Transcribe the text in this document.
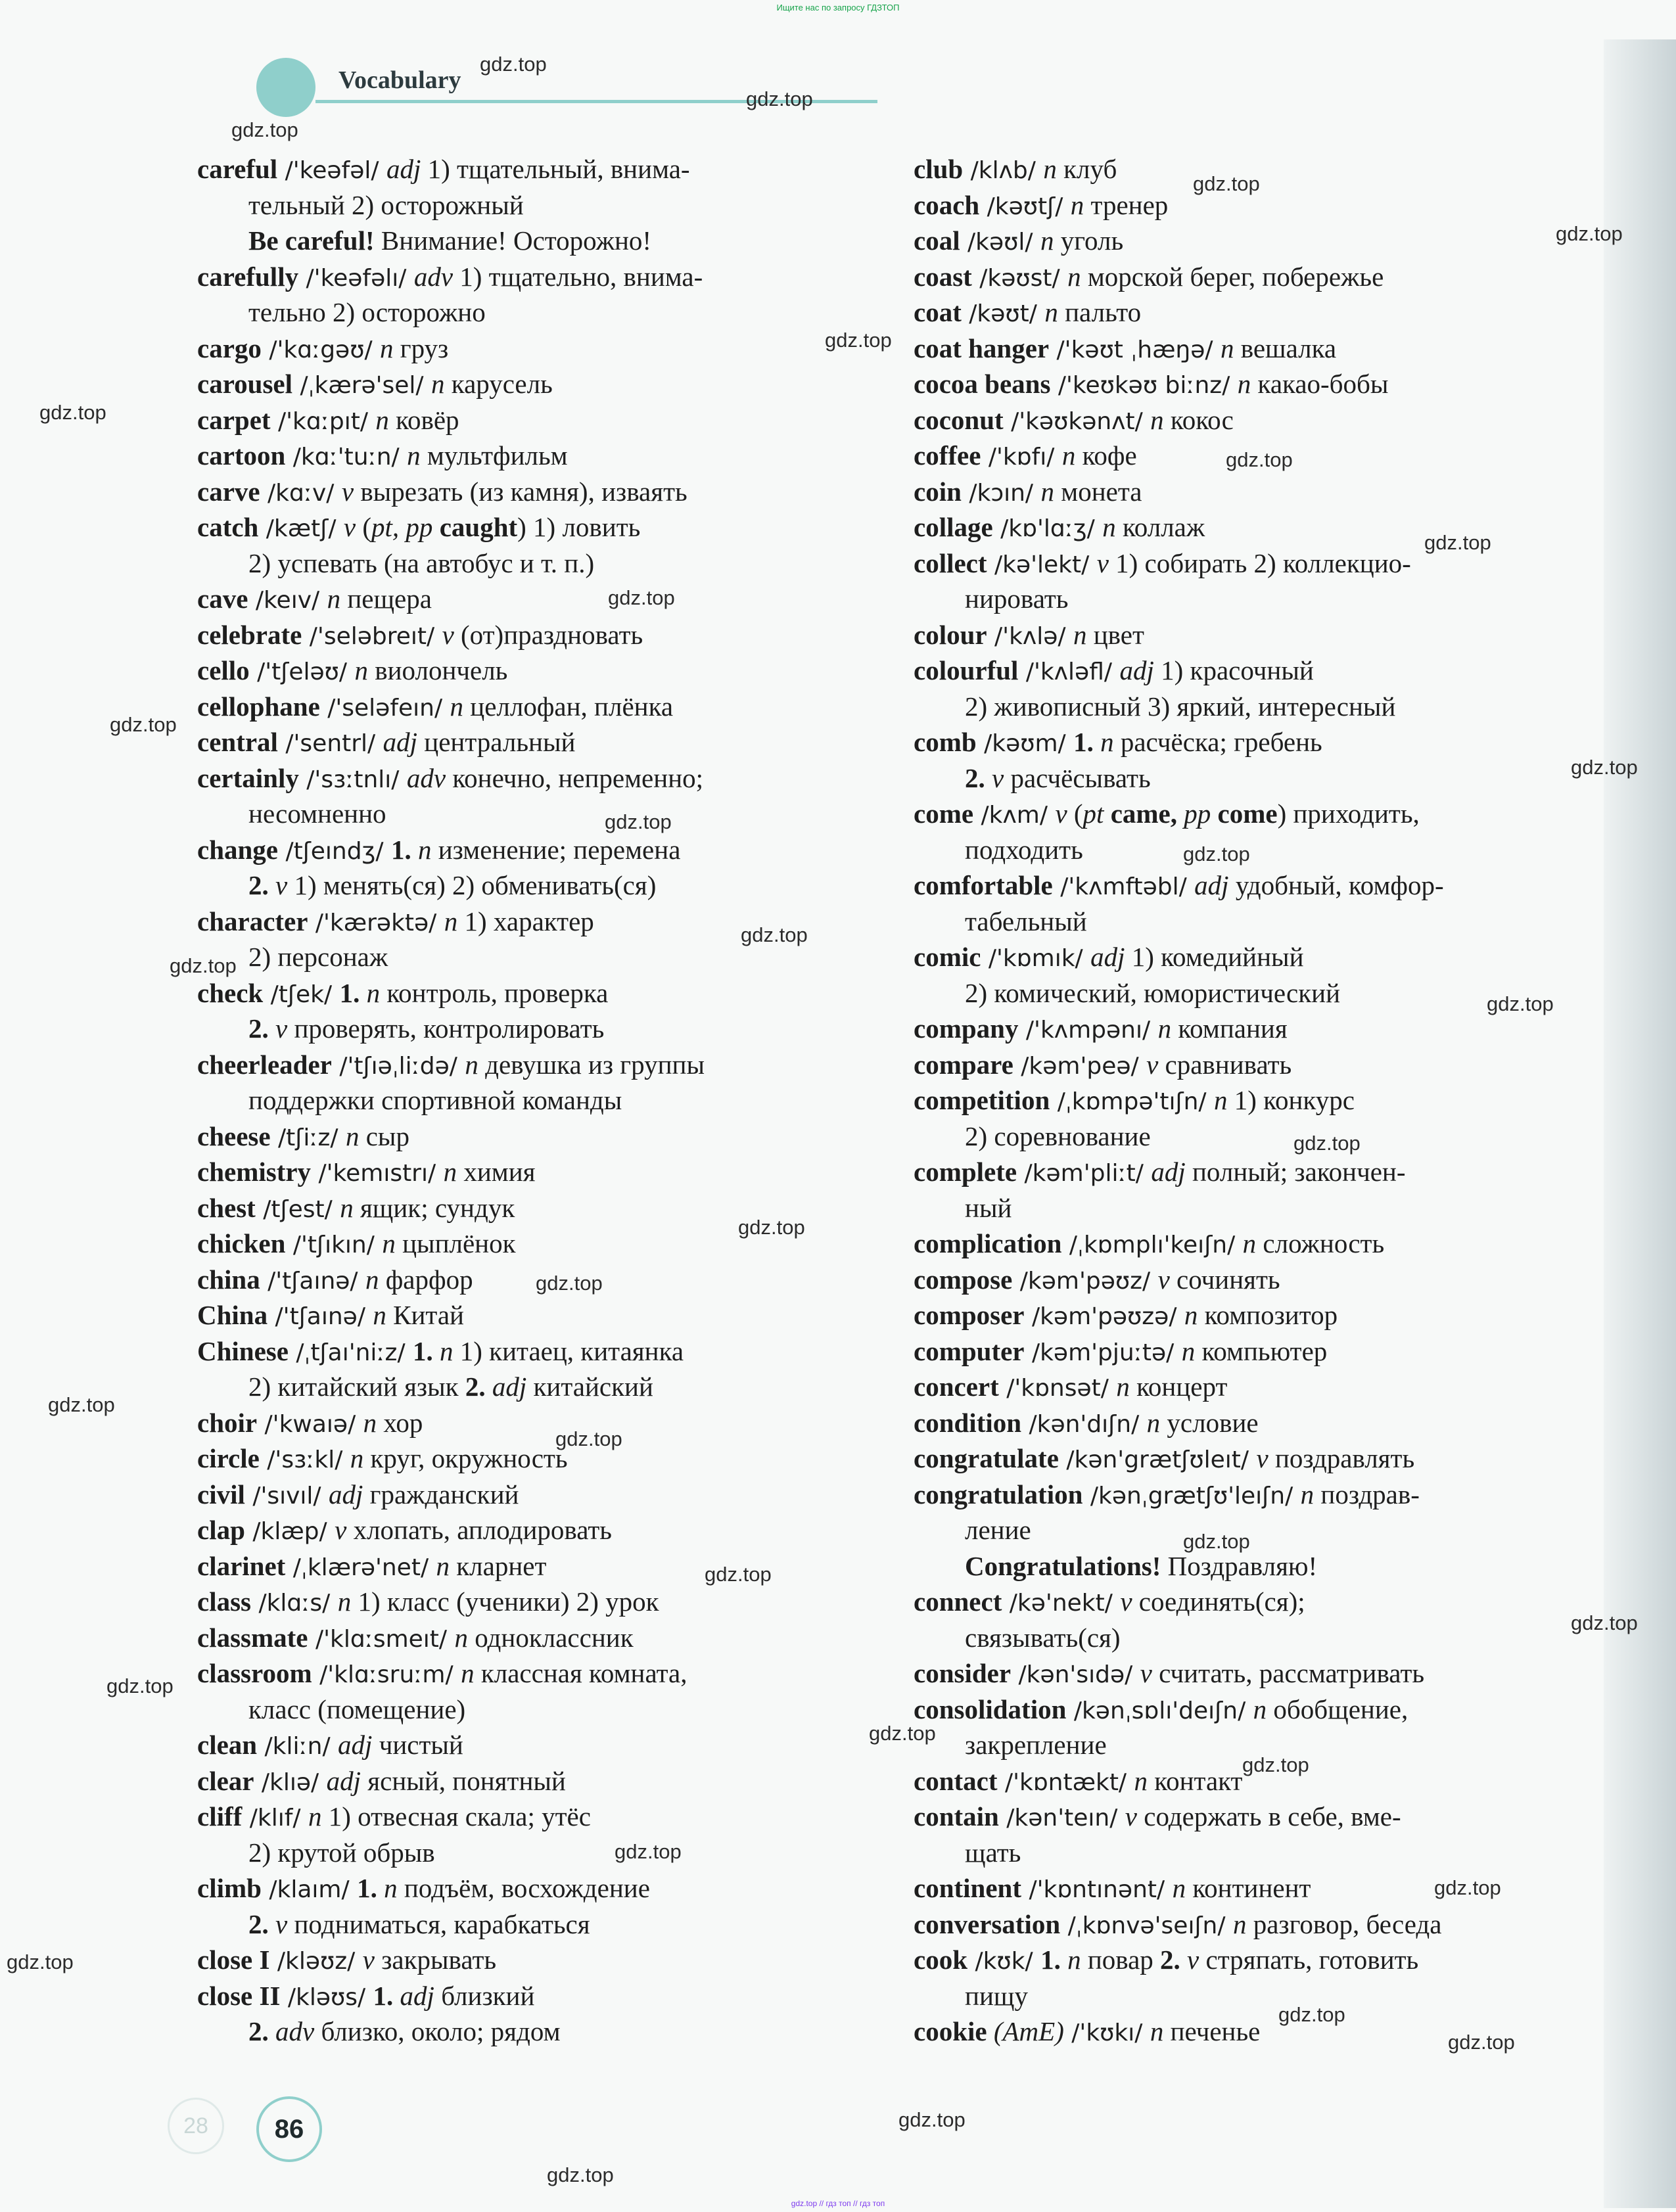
Ищите нас по запросу ГДЗТОП
Vocabulary
careful /'keəfəl/ adj 1) тщательный, внима-
тельный 2) осторожный
Be careful! Внимание! Осторожно!
carefully /'keəfəlı/ adv 1) тщательно, внима-
тельно 2) осторожно
cargo /'kɑːgəʊ/ n груз
carousel /ˌkærə'sel/ n карусель
carpet /'kɑːpıt/ n ковёр
cartoon /kɑː'tuːn/ n мультфильм
carve /kɑːv/ v вырезать (из камня), изваять
catch /kætʃ/ v (pt, pp caught) 1) ловить
2) успевать (на автобус и т. п.)
cave /keıv/ n пещера
celebrate /'seləbreıt/ v (от)праздновать
cello /'tʃeləʊ/ n виолончель
cellophane /'seləfeın/ n целлофан, плёнка
central /'sentrl/ adj центральный
certainly /'sɜːtnlı/ adv конечно, непременно;
несомненно
change /tʃeındʒ/ 1. n изменение; перемена
2. v 1) менять(ся) 2) обменивать(ся)
character /'kærəktə/ n 1) характер
2) персонаж
check /tʃek/ 1. n контроль, проверка
2. v проверять, контролировать
cheerleader /'tʃıəˌliːdə/ n девушка из группы
поддержки спортивной команды
cheese /tʃiːz/ n сыр
chemistry /'kemıstrı/ n химия
chest /tʃest/ n ящик; сундук
chicken /'tʃıkın/ n цыплёнок
china /'tʃaınə/ n фарфор
China /'tʃaınə/ n Китай
Chinese /ˌtʃaı'niːz/ 1. n 1) китаец, китаянка
2) китайский язык 2. adj китайский
choir /'kwaıə/ n хор
circle /'sɜːkl/ n круг, окружность
civil /'sıvıl/ adj гражданский
clap /klæp/ v хлопать, аплодировать
clarinet /ˌklærə'net/ n кларнет
class /klɑːs/ n 1) класс (ученики) 2) урок
classmate /'klɑːsmeıt/ n одноклассник
classroom /'klɑːsruːm/ n классная комната,
класс (помещение)
clean /kliːn/ adj чистый
clear /klıə/ adj ясный, понятный
cliff /klıf/ n 1) отвесная скала; утёс
2) крутой обрыв
climb /klaım/ 1. n подъём, восхождение
2. v подниматься, карабкаться
close I /kləʊz/ v закрывать
close II /kləʊs/ 1. adj близкий
2. adv близко, около; рядом
club /klʌb/ n клуб
coach /kəʊtʃ/ n тренер
coal /kəʊl/ n уголь
coast /kəʊst/ n морской берег, побережье
coat /kəʊt/ n пальто
coat hanger /'kəʊt ˌhæŋə/ n вешалка
cocoa beans /'keʊkəʊ biːnz/ n какао-бобы
coconut /'kəʊkənʌt/ n кокос
coffee /'kɒfı/ n кофе
coin /kɔın/ n монета
collage /kɒ'lɑːʒ/ n коллаж
collect /kə'lekt/ v 1) собирать 2) коллекцио-
нировать
colour /'kʌlə/ n цвет
colourful /'kʌləfl/ adj 1) красочный
2) живописный 3) яркий, интересный
comb /kəʊm/ 1. n расчёска; гребень
2. v расчёсывать
come /kʌm/ v (pt came, pp come) приходить,
подходить
comfortable /'kʌmftəbl/ adj удобный, комфор-
табельный
comic /'kɒmık/ adj 1) комедийный
2) комический, юмористический
company /'kʌmpənı/ n компания
compare /kəm'peə/ v сравнивать
competition /ˌkɒmpə'tıʃn/ n 1) конкурс
2) соревнование
complete /kəm'pliːt/ adj полный; закончен-
ный
complication /ˌkɒmplı'keıʃn/ n сложность
compose /kəm'pəʊz/ v сочинять
composer /kəm'pəʊzə/ n композитор
computer /kəm'pjuːtə/ n компьютер
concert /'kɒnsət/ n концерт
condition /kən'dıʃn/ n условие
congratulate /kən'grætʃʊleıt/ v поздравлять
congratulation /kənˌgrætʃʊ'leıʃn/ n поздрав-
ление
Congratulations! Поздравляю!
connect /kə'nekt/ v соединять(ся);
связывать(ся)
consider /kən'sıdə/ v считать, рассматривать
consolidation /kənˌsɒlı'deıʃn/ n обобщение,
закрепление
contact /'kɒntækt/ n контакт
contain /kən'teın/ v содержать в себе, вме-
щать
continent /'kɒntınənt/ n континент
conversation /ˌkɒnvə'seıʃn/ n разговор, беседа
cook /kʊk/ 1. n повар 2. v стряпать, готовить
пищу
cookie (AmE) /'kʊkı/ n печенье
28	86
gdz.top
gdz.top
gdz.top
gdz.top
gdz.top
gdz.top
gdz.top
gdz.top
gdz.top
gdz.top
gdz.top
gdz.top
gdz.top
gdz.top
gdz.top
gdz.top
gdz.top
gdz.top
gdz.top
gdz.top
gdz.top
gdz.top
gdz.top
gdz.top
gdz.top
gdz.top
gdz.top
gdz.top
gdz.top
gdz.top
gdz.top
gdz.top
gdz.top
gdz.top
gdz.top
gdz.top // гдз топ // гдз топ
